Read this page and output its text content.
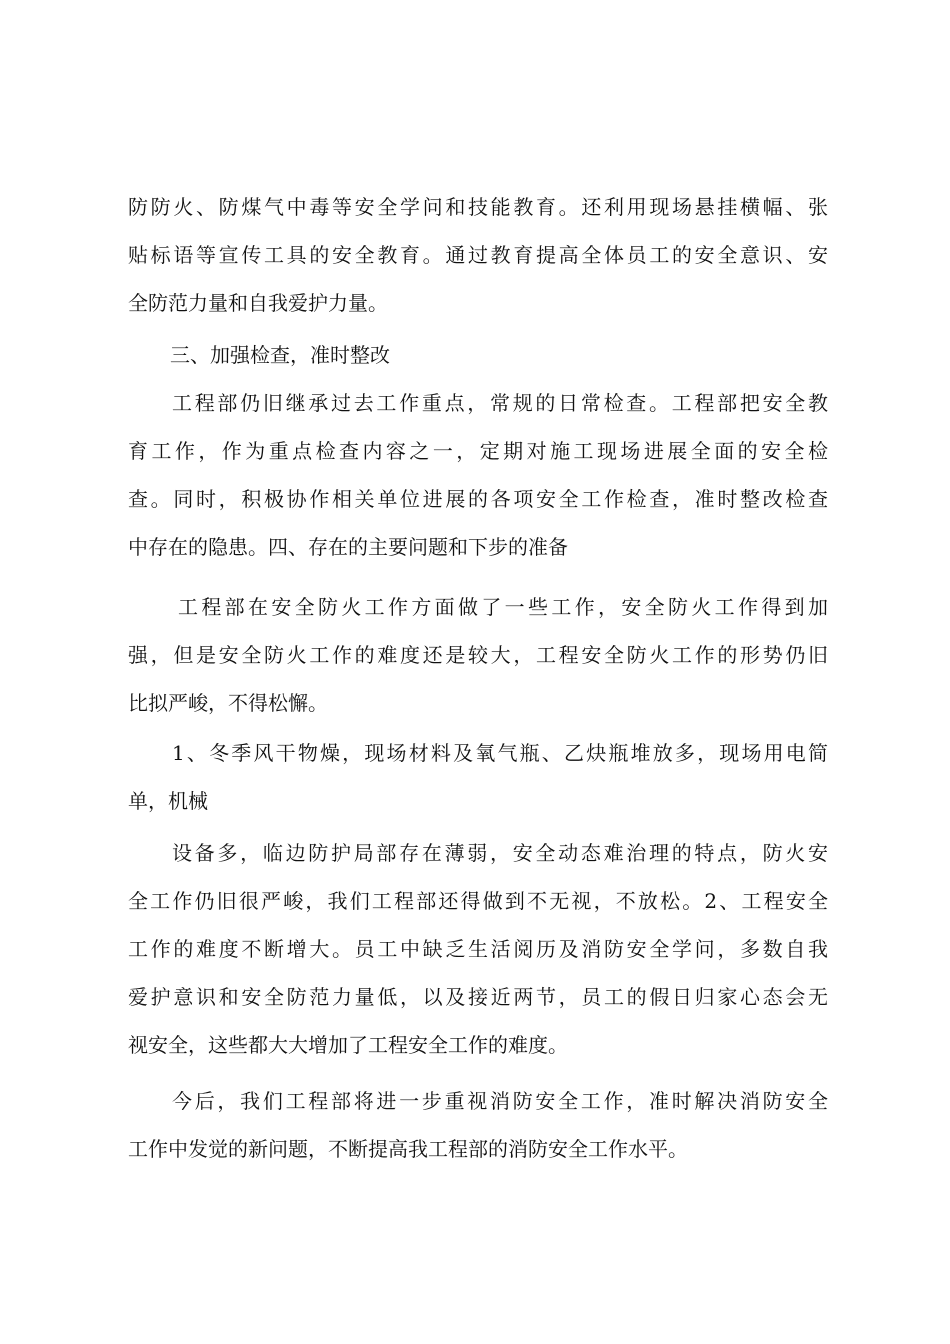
防防火、防煤气中毒等安全学问和技能教育。还利用现场悬挂横幅、张
贴标语等宣传工具的安全教育。通过教育提高全体员工的安全意识、安
全防范力量和自我爱护力量。
三、加强检查，准时整改
工程部仍旧继承过去工作重点，常规的日常检查。工程部把安全教
育工作，作为重点检查内容之一，定期对施工现场进展全面的安全检
查。同时，积极协作相关单位进展的各项安全工作检查，准时整改检查
中存在的隐患。四、存在的主要问题和下步的准备
工程部在安全防火工作方面做了一些工作，安全防火工作得到加
强，但是安全防火工作的难度还是较大，工程安全防火工作的形势仍旧
比拟严峻，不得松懈。
1、冬季风干物燥，现场材料及氧气瓶、乙炔瓶堆放多，现场用电简
单，机械
设备多，临边防护局部存在薄弱，安全动态难治理的特点，防火安
全工作仍旧很严峻，我们工程部还得做到不无视，不放松。2、工程安全
工作的难度不断增大。员工中缺乏生活阅历及消防安全学问，多数自我
爱护意识和安全防范力量低，以及接近两节，员工的假日归家心态会无
视安全，这些都大大增加了工程安全工作的难度。
今后，我们工程部将进一步重视消防安全工作，准时解决消防安全
工作中发觉的新问题，不断提高我工程部的消防安全工作水平。
